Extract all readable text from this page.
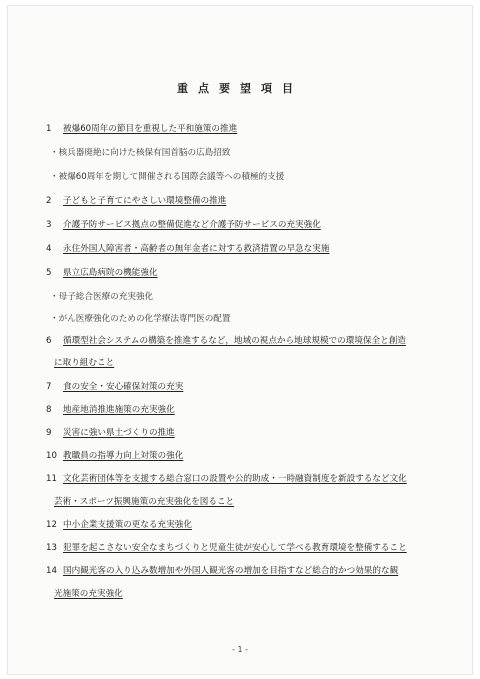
重点要望項目
1	被爆60周年の節目を重視した平和施策の推進
・核兵器廃絶に向けた核保有国首脳の広島招致
・被爆60周年を期して開催される国際会議等への積極的支援
2	子どもと子育てにやさしい環境整備の推進
3	介護予防サービス拠点の整備促進など介護予防サービスの充実強化
4	永住外国人障害者・高齢者の無年金者に対する救済措置の早急な実施
5	県立広島病院の機能強化
・母子総合医療の充実強化
・がん医療強化のための化学療法専門医の配置
6	循環型社会システムの構築を推進するなど，地域の視点から地球規模での環境保全と創造
に取り組むこと
7	食の安全・安心確保対策の充実
8	地産地消推進施策の充実強化
9	災害に強い県土づくりの推進
10 教職員の指導力向上対策の強化
11 文化芸術団体等を支援する総合窓口の設置や公的助成・一時融資制度を新設するなど文化
芸術・スポーツ振興施策の充実強化を図ること
12 中小企業支援策の更なる充実強化
13 犯罪を起こさない安全なまちづくりと児童生徒が安心して学べる教育環境を整備すること
14 国内観光客の入り込み数増加や外国人観光客の増加を目指すなど総合的かつ効果的な観
光施策の充実強化
- 1 -
